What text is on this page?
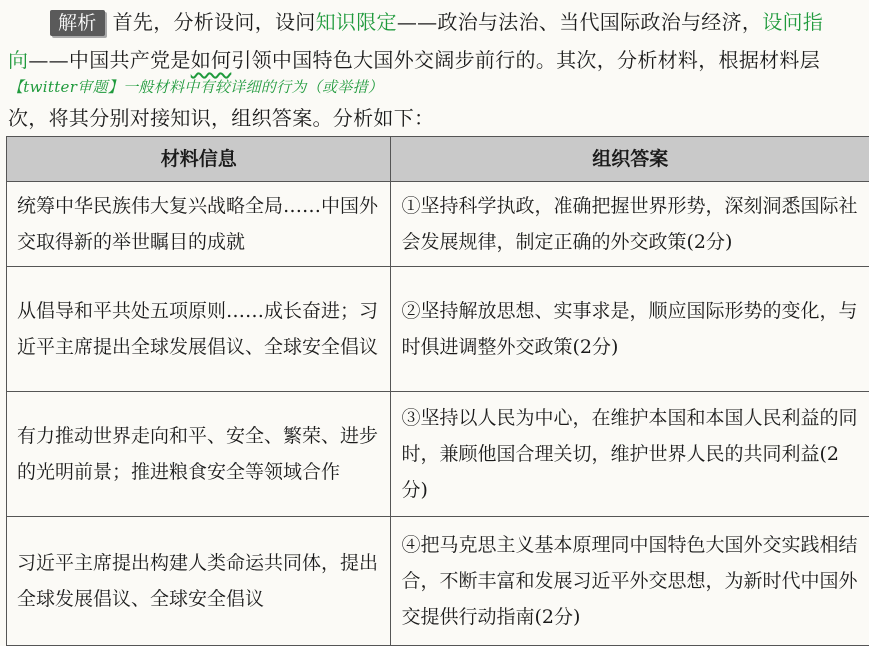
解析 首先，分析设问，设问知识限定——政治与法治、当代国际政治与经济，设问指
向——中国共产党是如何引领中国特色大国外交阔步前行的。其次，分析材料，根据材料层
【twitter审题】一般材料中有较详细的行为（或举措）
次，将其分别对接知识，组织答案。分析如下：
材料信息	组织答案
统筹中华民族伟大复兴战略全局……中国外交取得新的举世瞩目的成就	①坚持科学执政，准确把握世界形势，深刻洞悉国际社会发展规律，制定正确的外交政策(2分)
从倡导和平共处五项原则……成长奋进；习近平主席提出全球发展倡议、全球安全倡议	②坚持解放思想、实事求是，顺应国际形势的变化，与时俱进调整外交政策(2分)
有力推动世界走向和平、安全、繁荣、进步的光明前景；推进粮食安全等领域合作	③坚持以人民为中心，在维护本国和本国人民利益的同时，兼顾他国合理关切，维护世界人民的共同利益(2分)
习近平主席提出构建人类命运共同体，提出全球发展倡议、全球安全倡议	④把马克思主义基本原理同中国特色大国外交实践相结合，不断丰富和发展习近平外交思想，为新时代中国外交提供行动指南(2分)
